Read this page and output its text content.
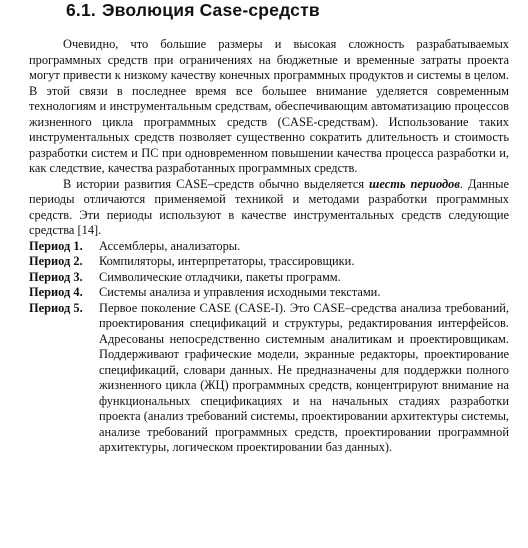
6.1. Эволюция Case-средств

Очевидно, что большие размеры и высокая сложность разрабатываемых программных средств при ограничениях на бюджетные и временные затраты проекта могут привести к низкому качеству конечных программных продуктов и системы в целом. В этой связи в последнее время все большее внимание уделяется современным технологиям и инструментальным средствам, обеспечивающим автоматизацию процессов жизненного цикла программных средств (CASE-средствам). Использование таких инструментальных средств позволяет существенно сократить длительность и стоимость разработки систем и ПС при одновременном повышении качества процесса разработки и, как следствие, качества разработанных программных средств.

В истории развития CASE–средств обычно выделяется шесть периодов. Данные периоды отличаются применяемой техникой и методами разработки программных средств. Эти периоды используют в качестве инструментальных средств следующие средства [14].

Период 1.	Ассемблеры, анализаторы.
Период 2.	Компиляторы, интерпретаторы, трассировщики.
Период 3.	Символические отладчики, пакеты программ.
Период 4.	Системы анализа и управления исходными текстами.
Период 5.	Первое поколение CASE (CASE-I). Это CASE–средства анализа требований, проектирования спецификаций и структуры, редактирования интерфейсов. Адресованы непосредственно системным аналитикам и проектировщикам. Поддерживают графические модели, экранные редакторы, проектирование спецификаций, словари данных. Не предназначены для поддержки полного жизненного цикла (ЖЦ) программных средств, концентрируют внимание на функциональных спецификациях и на начальных стадиях разработки проекта (анализ требований системы, проектировании архитектуры системы, анализе требований программных средств, проектировании программной архитектуры, логическом проектировании баз данных).
